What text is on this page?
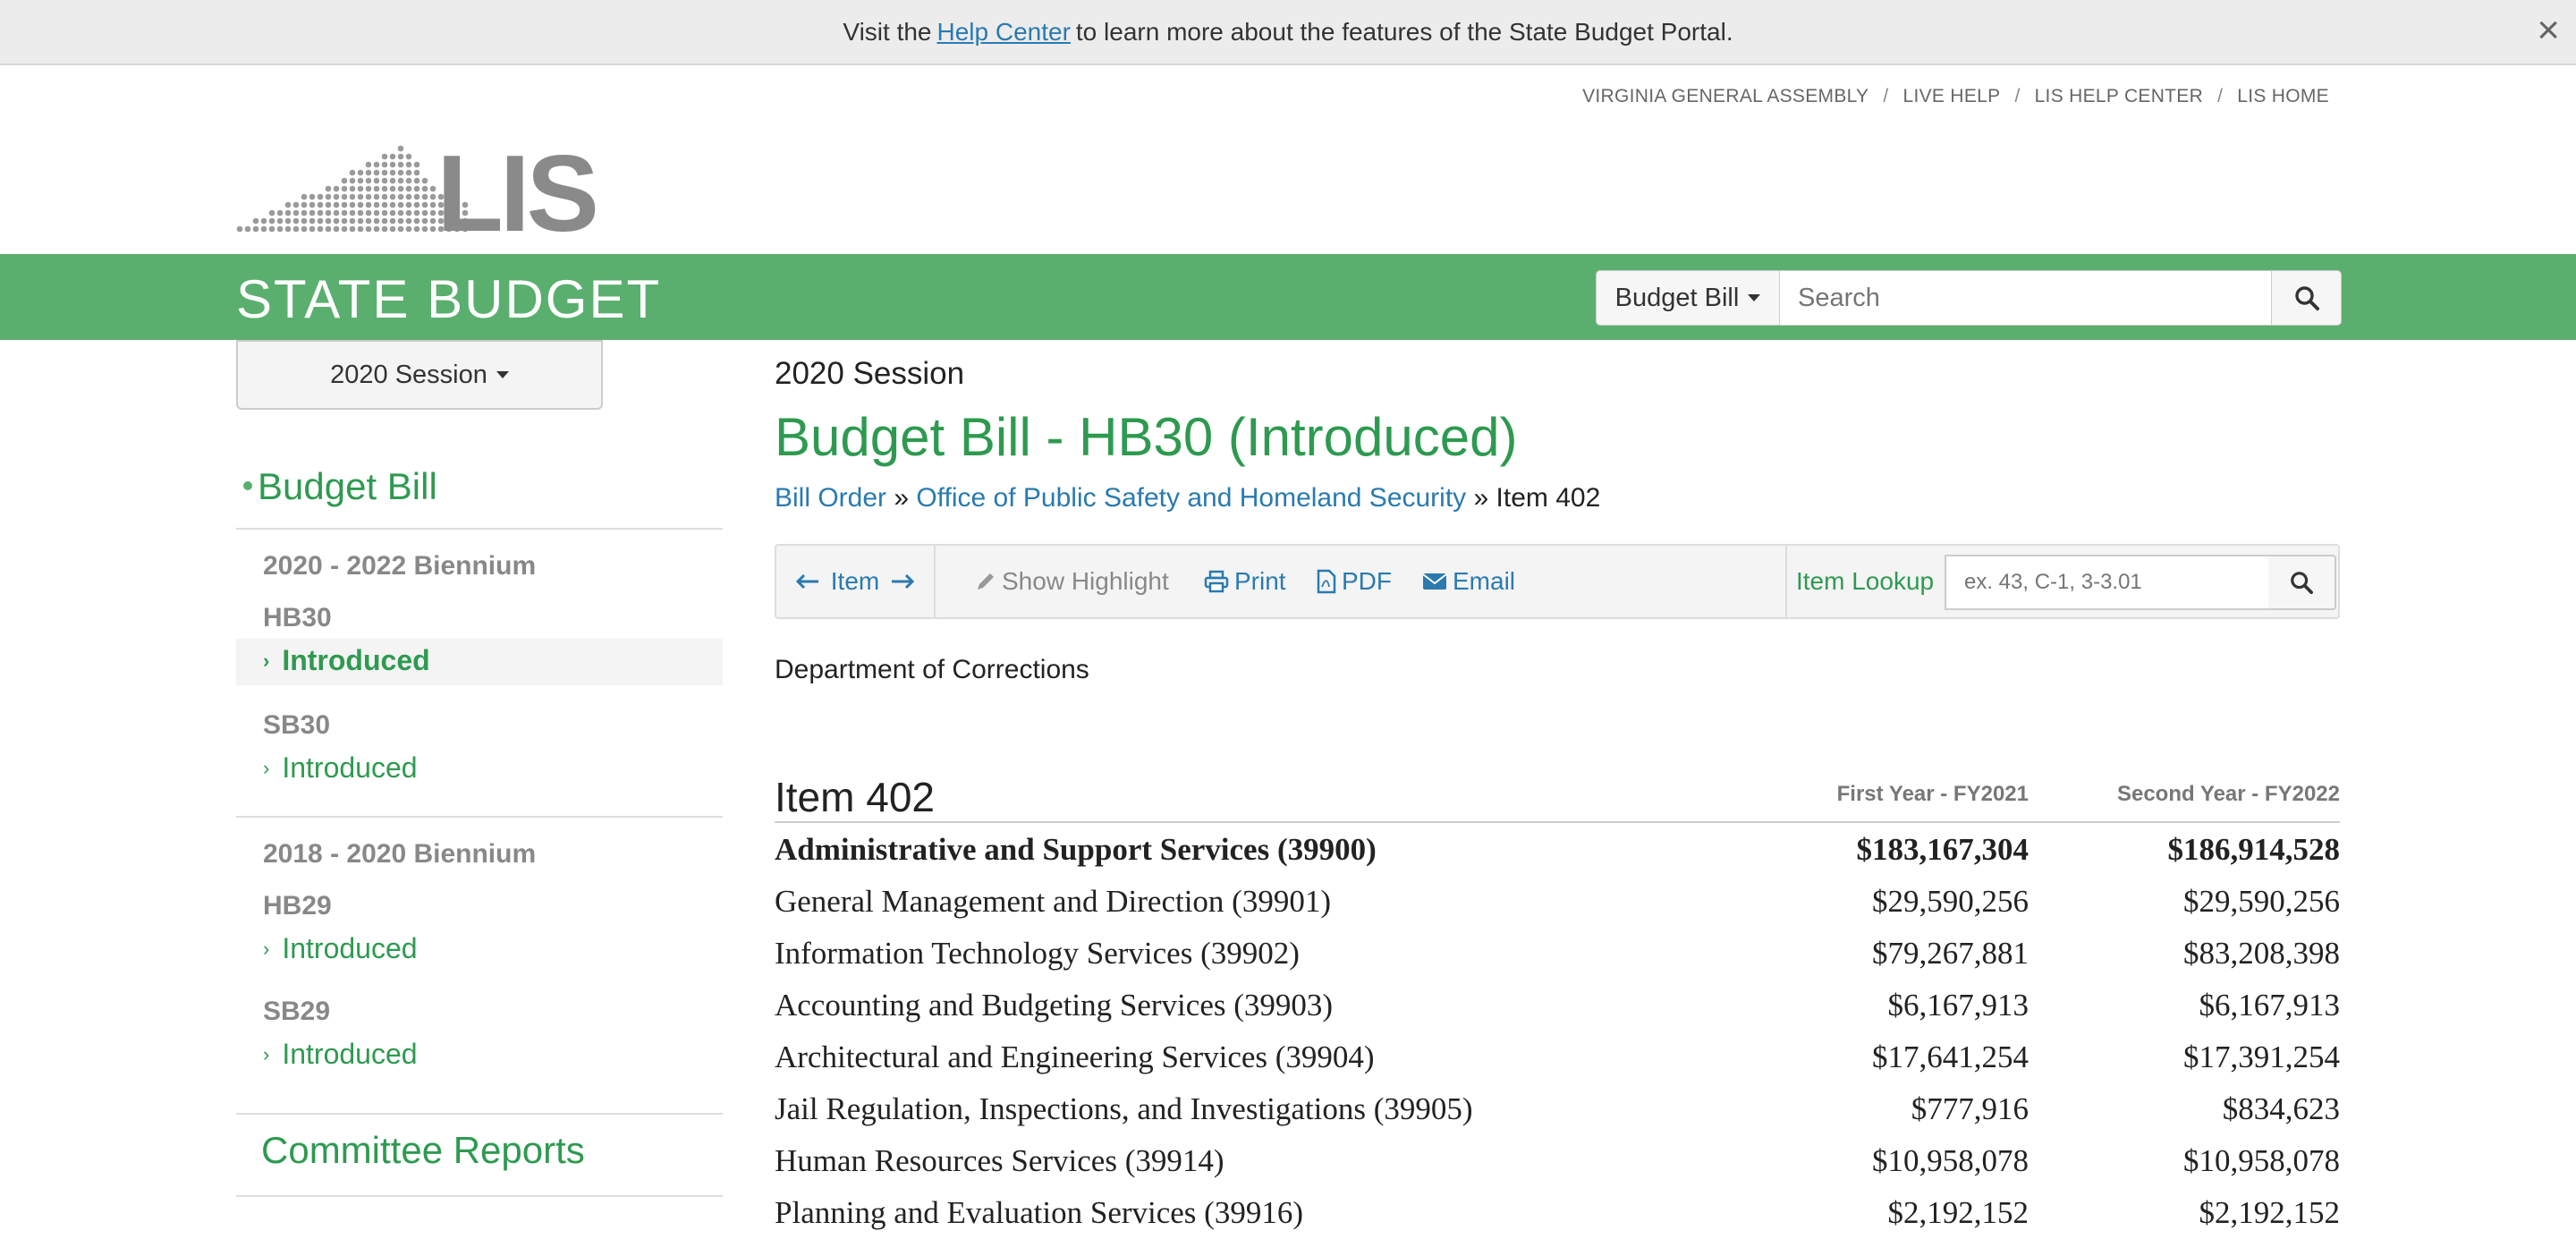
Visit the Help Center to learn more about the features of the State Budget Portal.	×
VIRGINIA GENERAL ASSEMBLY / LIVE HELP / LIS HELP CENTER / LIS HOME
LIS
STATE BUDGET	Budget Bill
Search
2020 Session
Budget Bill
2020 - 2022 Biennium
HB30
› Introduced
SB30
› Introduced
2018 - 2020 Biennium
HB29
› Introduced
SB29
› Introduced
Committee Reports
2020 Session
Budget Bill - HB30 (Introduced)
Bill Order » Office of Public Safety and Homeland Security » Item 402
Item	Show Highlight	Print PDF Email	Item Lookup
ex. 43, C-1, 3-3.01
Department of Corrections
Item 402	First Year - FY2021	Second Year - FY2022
Administrative and Support Services (39900)	$183,167,304	$186,914,528
General Management and Direction (39901)	$29,590,256	$29,590,256
Information Technology Services (39902)	$79,267,881	$83,208,398
Accounting and Budgeting Services (39903)	$6,167,913	$6,167,913
Architectural and Engineering Services (39904)	$17,641,254	$17,391,254
Jail Regulation, Inspections, and Investigations (39905)	$777,916	$834,623
Human Resources Services (39914)	$10,958,078	$10,958,078
Planning and Evaluation Services (39916)	$2,192,152	$2,192,152
